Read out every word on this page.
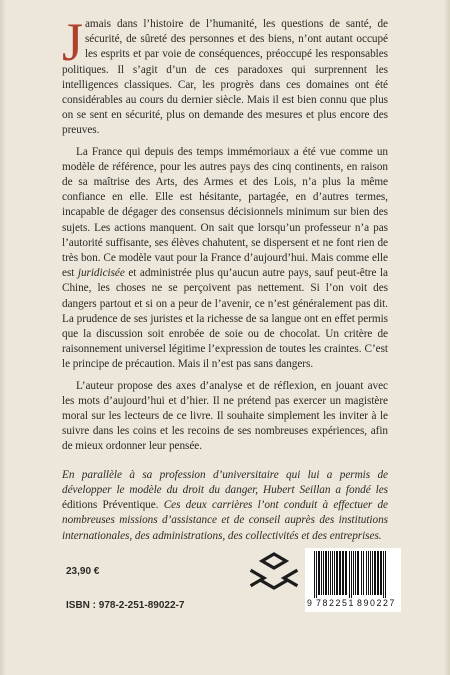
Jamais dans l’histoire de l’humanité, les questions de santé, de sécurité, de sûreté des personnes et des biens, n’ont autant occupé les esprits et par voie de conséquences, préoccupé les responsables politiques. Il s’agit d’un de ces paradoxes qui surprennent les intelligences classiques. Car, les progrès dans ces domaines ont été considérables au cours du dernier siècle. Mais il est bien connu que plus on se sent en sécurité, plus on demande des mesures et plus encore des preuves.

La France qui depuis des temps immémoriaux a été vue comme un modèle de référence, pour les autres pays des cinq continents, en raison de sa maîtrise des Arts, des Armes et des Lois, n’a plus la même confiance en elle. Elle est hésitante, partagée, en d’autres termes, incapable de dégager des consensus décisionnels minimum sur bien des sujets. Les actions manquent. On sait que lorsqu’un professeur n’a pas l’autorité suffisante, ses élèves chahutent, se dispersent et ne font rien de très bon. Ce modèle vaut pour la France d’aujourd’hui. Mais comme elle est juridicisée et administrée plus qu’aucun autre pays, sauf peut-être la Chine, les choses ne se perçoivent pas nettement. Si l’on voit des dangers partout et si on a peur de l’avenir, ce n’est généralement pas dit. La prudence de ses juristes et la richesse de sa langue ont en effet permis que la discussion soit enrobée de soie ou de chocolat. Un critère de raisonnement universel légitime l’expression de toutes les craintes. C’est le principe de précaution. Mais il n’est pas sans dangers.

L’auteur propose des axes d’analyse et de réflexion, en jouant avec les mots d’aujourd’hui et d’hier. Il ne prétend pas exercer un magistère moral sur les lecteurs de ce livre. Il souhaite simplement les inviter à le suivre dans les coins et les recoins de ses nombreuses expériences, afin de mieux ordonner leur pensée.

En parallèle à sa profession d’universitaire qui lui a permis de développer le modèle du droit du danger, Hubert Seillan a fondé les éditions Préventique. Ces deux carrières l’ont conduit à effectuer de nombreuses missions d’assistance et de conseil auprès des institutions internationales, des administrations, des collectivités et des entreprises.

23,90 €
9 782251 890227
ISBN : 978-2-251-89022-7
